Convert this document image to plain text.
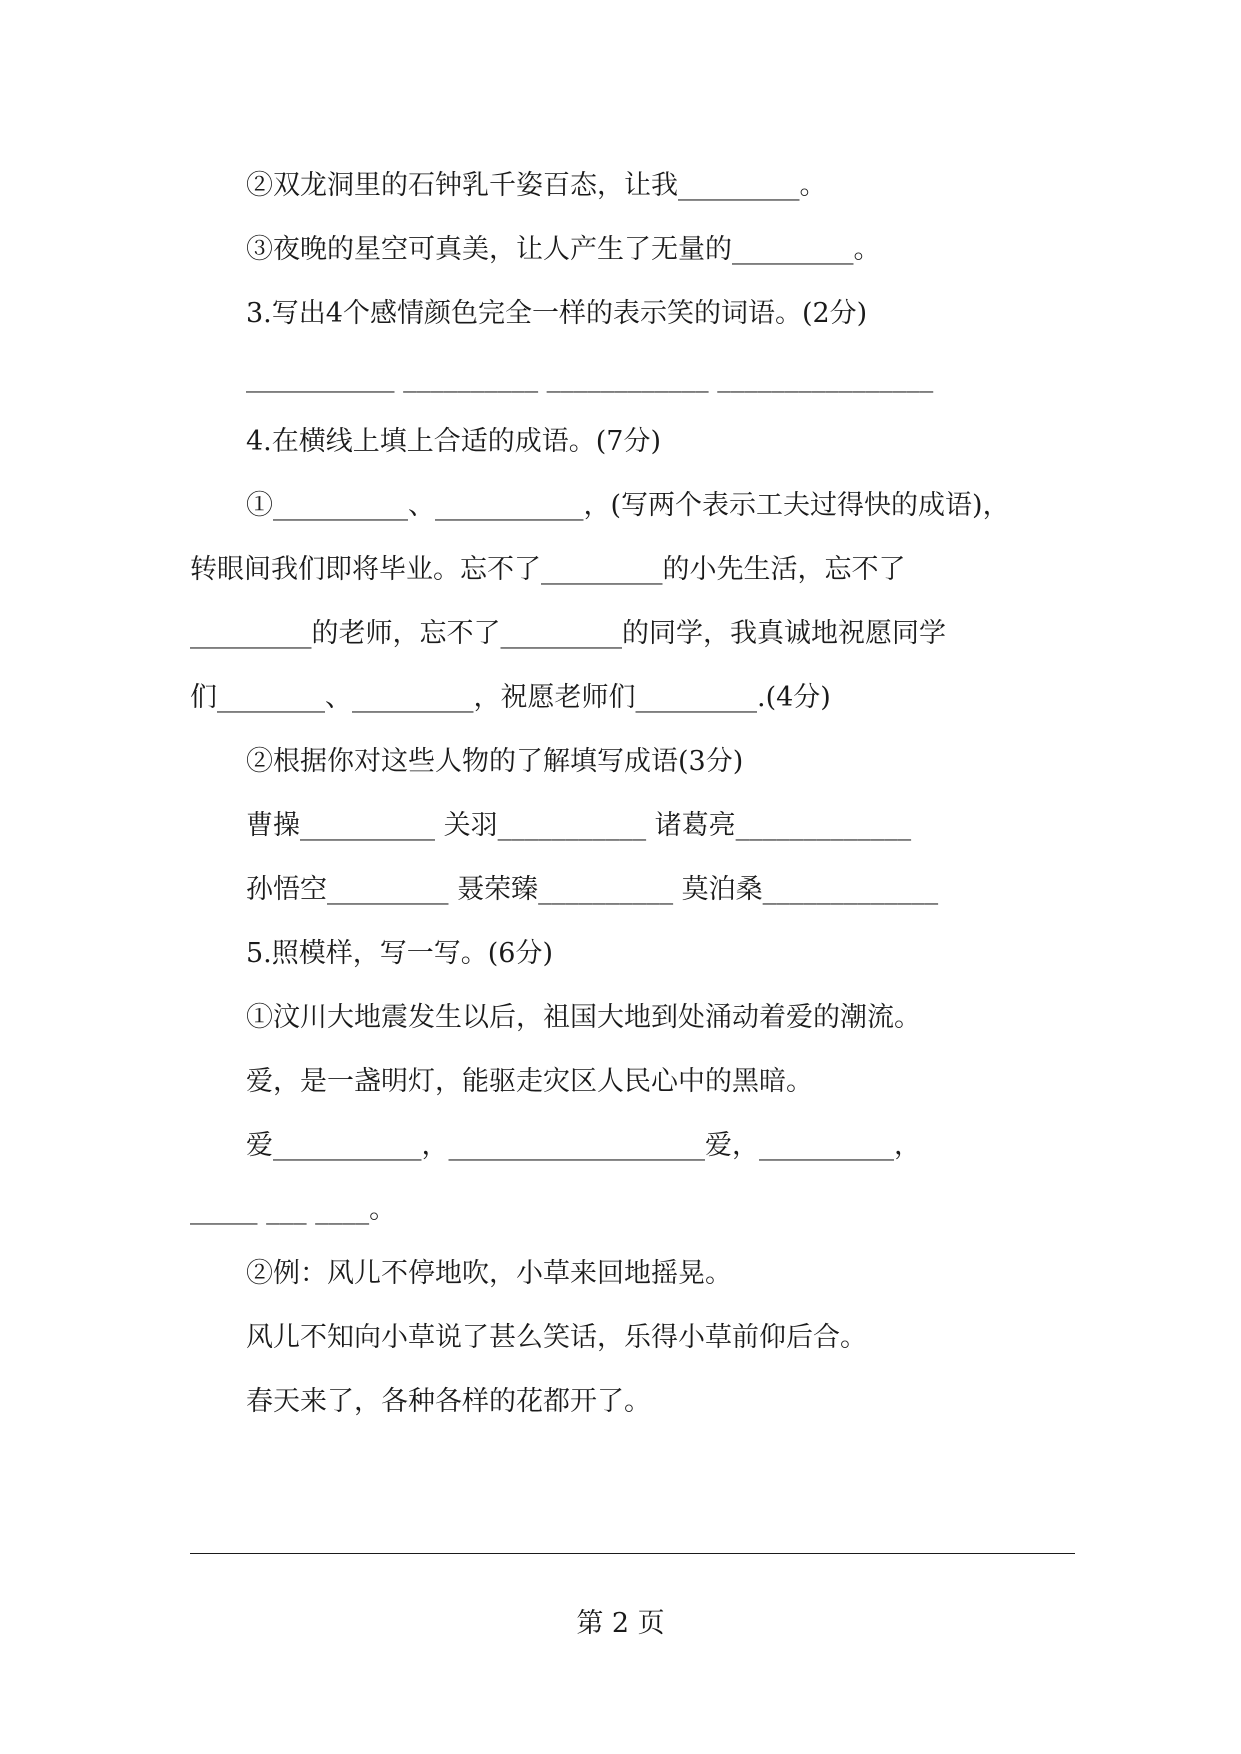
②双龙洞里的石钟乳千姿百态，让我_________。
③夜晚的星空可真美，让人产生了无量的_________。
3.写出4个感情颜色完全一样的表示笑的词语。(2分)
___________ __________ ____________ ________________
4.在横线上填上合适的成语。(7分)
①__________、___________，(写两个表示工夫过得快的成语)，
转眼间我们即将毕业。忘不了_________的小先生活，忘不了
_________的老师，忘不了_________的同学，我真诚地祝愿同学
们________、_________，祝愿老师们_________.(4分)
②根据你对这些人物的了解填写成语(3分)
曹操__________ 关羽___________ 诸葛亮_____________
孙悟空_________ 聂荣臻__________ 莫泊桑_____________
5.照模样，写一写。(6分)
①汶川大地震发生以后，祖国大地到处涌动着爱的潮流。
爱，是一盏明灯，能驱走灾区人民心中的黑暗。
爱___________，___________________爱，__________，
_____ ___ ____。
②例：风儿不停地吹，小草来回地摇晃。
风儿不知向小草说了甚么笑话，乐得小草前仰后合。
春天来了，各种各样的花都开了。
第 2 页
